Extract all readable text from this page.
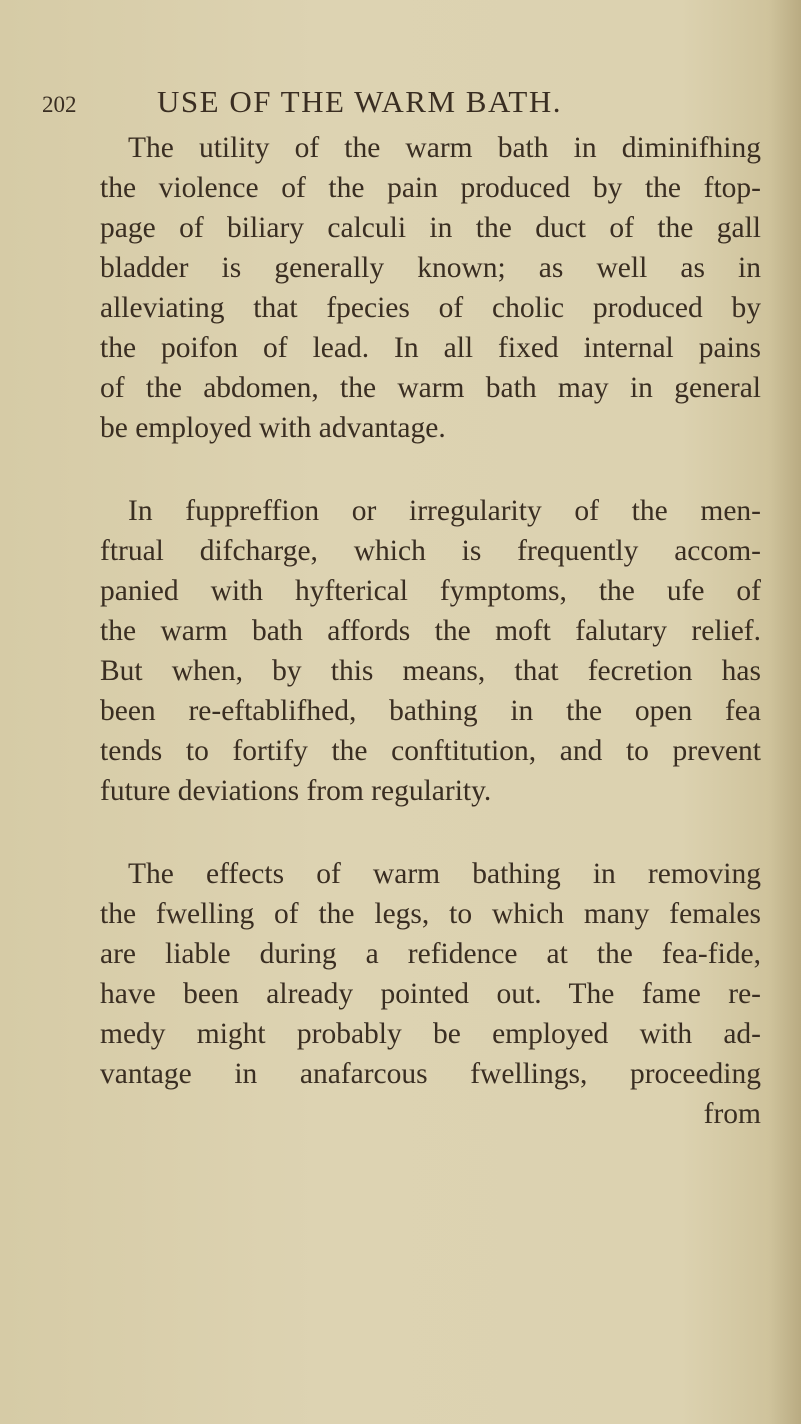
202	USE OF THE WARM BATH.
The utility of the warm bath in diminifhing
the violence of the pain produced by the ftop-
page of biliary calculi in the duct of the gall
bladder is generally known; as well as in
alleviating that fpecies of cholic produced by
the poifon of lead. In all fixed internal pains
of the abdomen, the warm bath may in general
be employed with advantage.
In fuppreffion or irregularity of the men-
ftrual difcharge, which is frequently accom-
panied with hyfterical fymptoms, the ufe of
the warm bath affords the moft falutary relief.
But when, by this means, that fecretion has
been re-eftablifhed, bathing in the open fea
tends to fortify the conftitution, and to prevent
future deviations from regularity.
The effects of warm bathing in removing
the fwelling of the legs, to which many females
are liable during a refidence at the fea-fide,
have been already pointed out. The fame re-
medy might probably be employed with ad-
vantage in anafarcous fwellings, proceeding
from
